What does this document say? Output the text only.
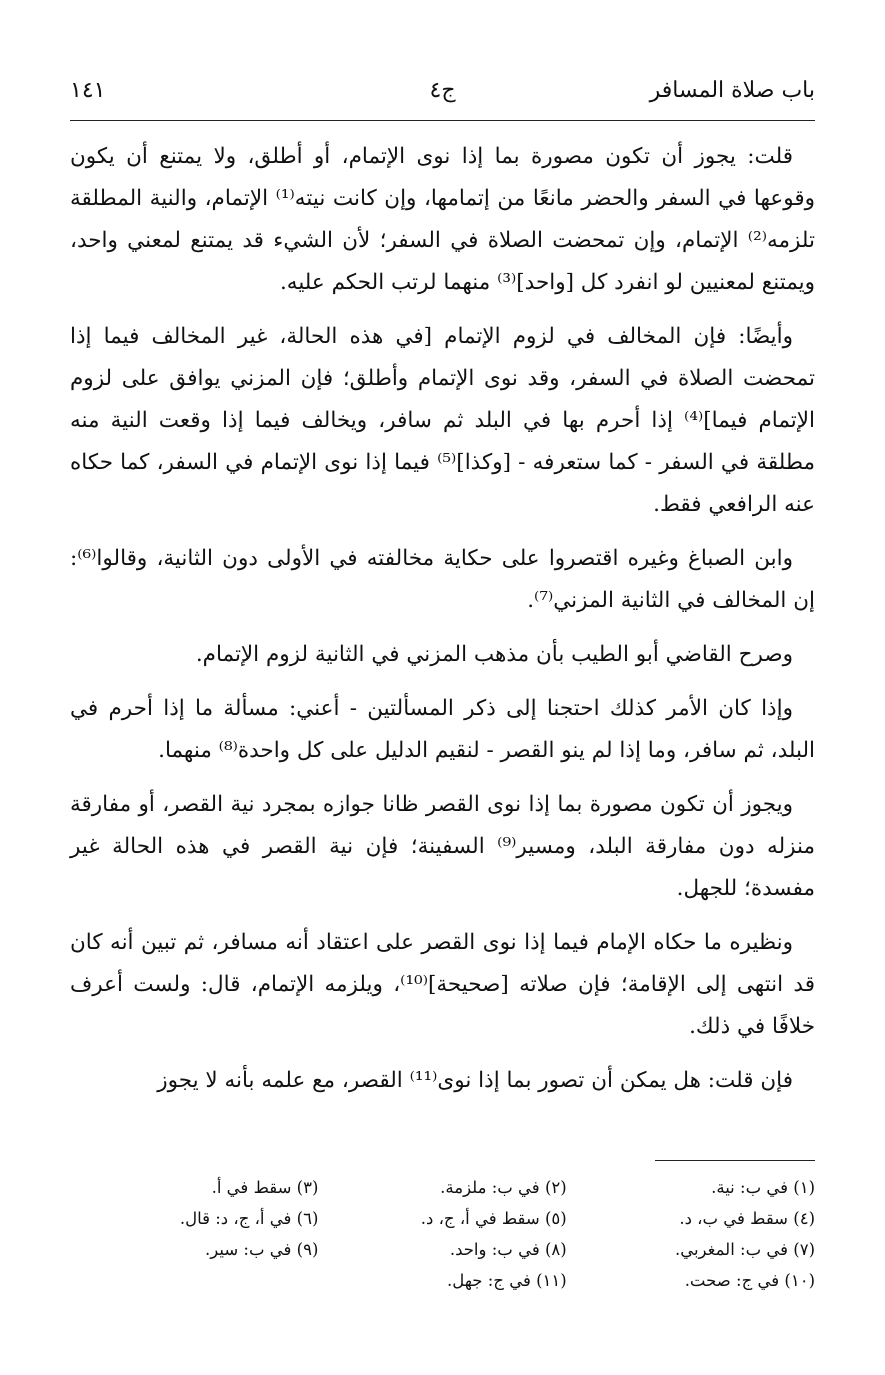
باب صلاة المسافر
ج٤
١٤١

قلت: يجوز أن تكون مصورة بما إذا نوى الإتمام، أو أطلق، ولا يمتنع أن يكون وقوعها في السفر والحضر مانعًا من إتمامها، وإن كانت نيته⁽¹⁾ الإتمام، والنية المطلقة تلزمه⁽²⁾ الإتمام، وإن تمحضت الصلاة في السفر؛ لأن الشيء قد يمتنع لمعني واحد، ويمتنع لمعنيين لو انفرد كل [واحد]⁽³⁾ منهما لرتب الحكم عليه.

وأيضًا: فإن المخالف في لزوم الإتمام [في هذه الحالة، غير المخالف فيما إذا تمحضت الصلاة في السفر، وقد نوى الإتمام وأطلق؛ فإن المزني يوافق على لزوم الإتمام فيما]⁽⁴⁾ إذا أحرم بها في البلد ثم سافر، ويخالف فيما إذا وقعت النية منه مطلقة في السفر - كما ستعرفه - [وكذا]⁽⁵⁾ فيما إذا نوى الإتمام في السفر، كما حكاه عنه الرافعي فقط.

وابن الصباغ وغيره اقتصروا على حكاية مخالفته في الأولى دون الثانية، وقالوا⁽⁶⁾: إن المخالف في الثانية المزني⁽⁷⁾.

وصرح القاضي أبو الطيب بأن مذهب المزني في الثانية لزوم الإتمام.

وإذا كان الأمر كذلك احتجنا إلى ذكر المسألتين - أعني: مسألة ما إذا أحرم في البلد، ثم سافر، وما إذا لم ينو القصر - لنقيم الدليل على كل واحدة⁽⁸⁾ منهما.

ويجوز أن تكون مصورة بما إذا نوى القصر ظانا جوازه بمجرد نية القصر، أو مفارقة منزله دون مفارقة البلد، ومسير⁽⁹⁾ السفينة؛ فإن نية القصر في هذه الحالة غير مفسدة؛ للجهل.

ونظيره ما حكاه الإمام فيما إذا نوى القصر على اعتقاد أنه مسافر، ثم تبين أنه كان قد انتهى إلى الإقامة؛ فإن صلاته [صحيحة]⁽¹⁰⁾، ويلزمه الإتمام، قال: ولست أعرف خلافًا في ذلك.

فإن قلت: هل يمكن أن تصور بما إذا نوى⁽¹¹⁾ القصر، مع علمه بأنه لا يجوز

(١) في ب: نية.
(٢) في ب: ملزمة.
(٣) سقط في أ.
(٤) سقط في ب، د.
(٥) سقط في أ، ج، د.
(٦) في أ، ج، د: قال.
(٧) في ب: المغربي.
(٨) في ب: واحد.
(٩) في ب: سير.
(١٠) في ج: صحت.
(١١) في ج: جهل.
